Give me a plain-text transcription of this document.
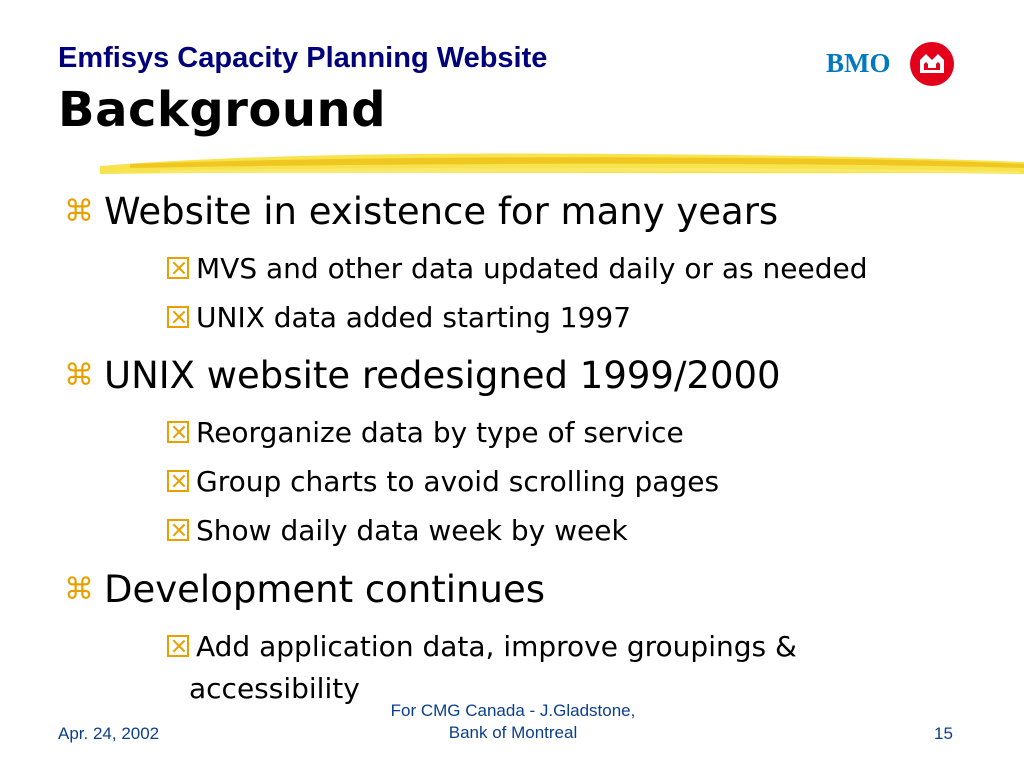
Emfisys Capacity Planning Website
Background
BMO
⌘ Website in existence for many years
MVS and other data updated daily or as needed
UNIX data added starting 1997
⌘ UNIX website redesigned 1999/2000
Reorganize data by type of service
Group charts to avoid scrolling pages
Show daily data week by week
⌘ Development continues
Add application data, improve groupings &
accessibility
Apr. 24, 2002
For CMG Canada - J.Gladstone,
Bank of Montreal	15
